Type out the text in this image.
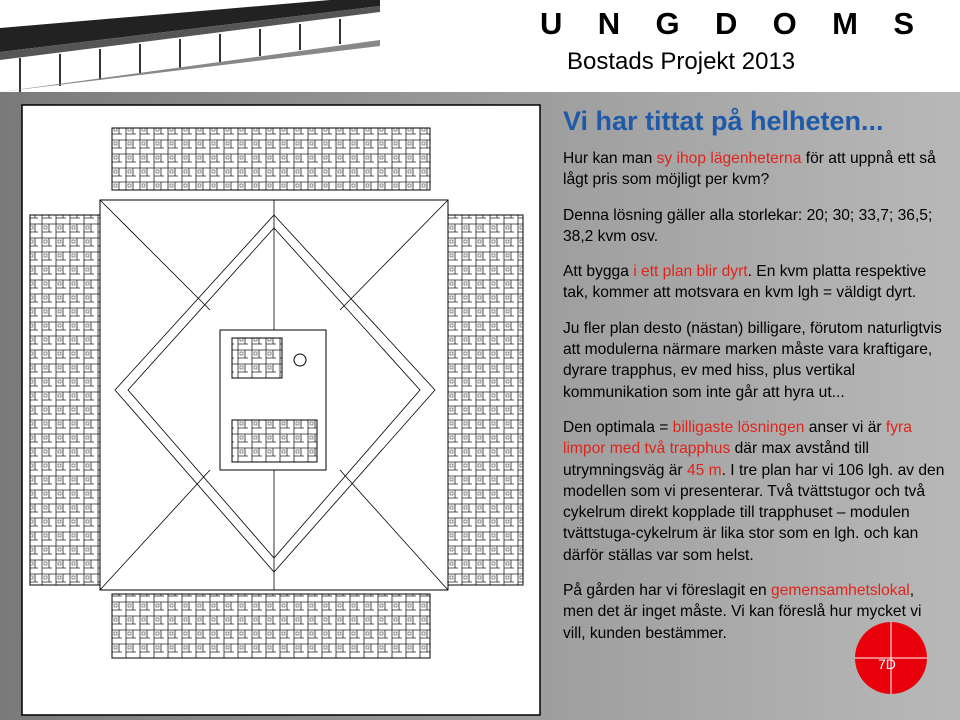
U N G D O M S
Bostads Projekt 2013
Vi har tittat på helheten...

Hur kan man sy ihop lägenheterna för att uppnå ett så lågt pris som möjligt per kvm?

Denna lösning gäller alla storlekar: 20; 30; 33,7; 36,5; 38,2 kvm osv.

Att bygga i ett plan blir dyrt. En kvm platta respektive tak, kommer att motsvara en kvm lgh = väldigt dyrt.

Ju fler plan desto (nästan) billigare, förutom naturligtvis att modulerna närmare marken måste vara kraftigare, dyrare trapphus, ev med hiss, plus vertikal kommunikation som inte går att hyra ut...

Den optimala = billigaste lösningen anser vi är fyra limpor med två trapphus där max avstånd till utrymningsväg är 45 m. I tre plan har vi 106 lgh. av den modellen som vi presenterar. Två tvättstugor och två cykelrum direkt kopplade till trapphuset – modulen tvättstuga-cykelrum är lika stor som en lgh. och kan därför ställas var som helst.

På gården har vi föreslagit en gemensamhetslokal, men det är inget måste. Vi kan föreslå hur mycket vi vill, kunden bestämmer.

7D
